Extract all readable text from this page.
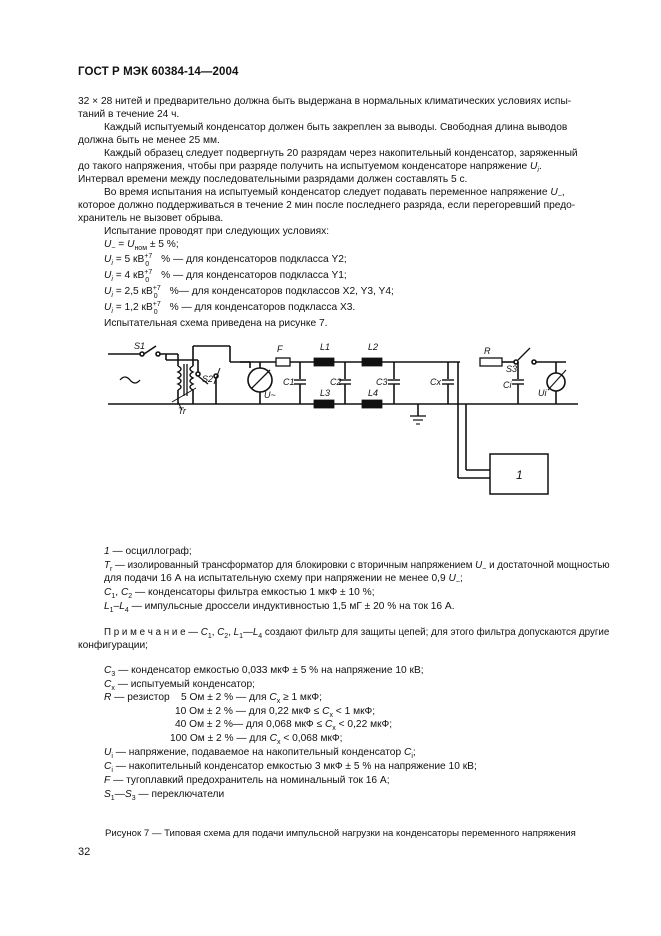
ГОСТ Р МЭК 60384-14—2004
32 × 28 нитей и предварительно должна быть выдержана в нормальных климатических условиях испы-
таний в течение 24 ч.
Каждый испытуемый конденсатор должен быть закреплен за выводы. Свободная длина выводов
должна быть не менее 25 мм.
Каждый образец следует подвергнуть 20 разрядам через накопительный конденсатор, заряженный
до такого напряжения, чтобы при разряде получить на испытуемом конденсаторе напряжение $U_i$.
Интервал времени между последовательными разрядами должен составлять 5 с.
Во время испытания на испытуемый конденсатор следует подавать переменное напряжение $U_\sim$,
которое должно поддерживаться в течение 2 мин после последнего разряда, если перегоревший предо-
хранитель не вызовет обрыва.
Испытание проводят при следующих условиях:
$U_\sim = U_{ном} \pm 5$ %;
$U_i = 5$ кВ +7
0 % — для конденсаторов подкласса Y2;
$U_i = 4$ кВ +7
0 % — для конденсаторов подкласса Y1;
$U_i = 2,5$ кВ +7
0 %— для конденсаторов подклассов X2, Y3, Y4;
$U_i = 1,2$ кВ +7
0 % — для конденсаторов подкласса X3.
Испытательная схема приведена на рисунке 7.
S1
S2
Tr
F
U~
C1	C2	C3	Cx	Ci
Ui
L1	L2
L3	L4
R
S3
1
1 — осциллограф;
$T_r$ — изолированный трансформатор для блокировки с вторичным напряжением $U_\sim$ и достаточной мощностью
для подачи 16 А на испытательную схему при напряжении не менее 0,9 $U_\sim$;
$C_1$, $C_2$ — конденсаторы фильтра емкостью 1 мкФ ± 10 %;
$L_1-L_4$ — импульсные дроссели индуктивностью 1,5 мГ ± 20 % на ток 16 А.
П р и м е ч а н и е — $C_1$, $C_2$, $L_1—L_4$ создают фильтр для защиты цепей; для этого фильтра допускаются другие
конфигурации;
$C_3$ — конденсатор емкостью 0,033 мкФ ± 5 % на напряжение 10 кВ;
$C_x$ — испытуемый конденсатор;
R — резистор 5 Ом ± 2 % — для $C_x \ge 1$ мкФ;
10 Ом ± 2 % — для 0,22 мкФ ≤ $C_x < 1$ мкФ;
40 Ом ± 2 %— для 0,068 мкФ ≤ $C_x < 0,22$ мкФ;
100 Ом ± 2 % — для $C_x < 0,068$ мкФ;
$U_i$ — напряжение, подаваемое на накопительный конденсатор $C_i$;
$C_i$ — накопительный конденсатор емкостью 3 мкФ ± 5 % на напряжение 10 кВ;
F — тугоплавкий предохранитель на номинальный ток 16 А;
$S_1—S_3$ — переключатели
Рисунок 7 — Типовая схема для подачи импульсной нагрузки на конденсаторы переменного напряжения
32
